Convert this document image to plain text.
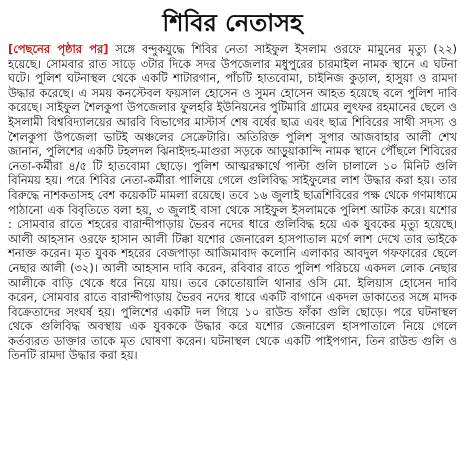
শিবির নেতাসহ

[পেছনের পৃষ্ঠার পর] সঙ্গে বন্দুকযুদ্ধে শিবির নেতা সাইফুল ইসলাম ওরফে মামুনের মৃত্যু (২২) হয়েছে। সোমবার রাত সাড়ে ৩টার দিকে সদর উপজেলার মধুপুরের চারমাইল নামক স্থানে এ ঘটনা ঘটে। পুলিশ ঘটনাস্থল থেকে একটি শাটারগান, পাঁচটি হাতবোমা, চাইনিজ কুড়াল, হাসুয়া ও রামদা উদ্ধার করেছে। এ সময় কনস্টেবল ফয়সাল হোসেন ও সুমন হোসেন আহত হয়েছে বলে পুলিশ দাবি করেছে। সাইফুল শৈলকুপা উপজেলার ফুলহরি ইউনিয়নের পুটিমারি গ্রামের লুৎফর রহমানের ছেলে ও ইসলামী বিশ্ববিদ্যালয়ের আরবি বিভাগের মাস্টার্স শেষ বর্ষের ছাত্র এবং ছাত্র শিবিরের সাথী সদস্য ও শৈলকুপা উপজেলা ভাটই অঞ্চলের সেক্রেটারি। অতিরিক্ত পুলিশ সুপার আজবাহার আলী শেখ জানান, পুলিশের একটি টহলদল ঝিনাইদহ-মাগুরা সড়কে আড়ুয়াকান্দি নামক স্থানে পৌঁছলে শিবিরের নেতা-কর্মীরা ৪/৫ টি হাতবোমা ছোড়ে। পুলিশ আত্মরক্ষার্থে পাল্টা গুলি চালালে ১০ মিনিট গুলি বিনিময় হয়। পরে শিবির নেতা-কর্মীরা পালিয়ে গেলে গুলিবিদ্ধ সাইফুলের লাশ উদ্ধার করা হয়। তার বিরুদ্ধে নাশকতাসহ বেশ কয়েকটি মামলা রয়েছে। তবে ১৬ জুলাই ছাত্রশিবিরের পক্ষ থেকে গণমাধ্যমে পাঠানো এক বিবৃতিতে বলা হয়, ৩ জুলাই বাসা থেকে সাইফুল ইসলামকে পুলিশ আটক করে। যশোর : সোমবার রাতে শহরের বারান্দীপাড়ায় ভৈরব নদের ধারে গুলিবিদ্ধ হয়ে এক যুবকের মৃত্যু হয়েছে। আলী আহসান ওরফে হাসান আলী টিক্কা যশোর জেনারেল হাসপাতাল মর্গে লাশ দেখে তার ভাইকে শনাক্ত করেন। মৃত যুবক শহরের বেজপাড়া আজিমাবাদ কলোনি এলাকার আবদুল গফফারের ছেলে নেছার আলী (৩২)। আলী আহসান দাবি করেন, রবিবার রাতে পুলিশ পরিচয়ে একদল লোক নেছার আলীকে বাড়ি থেকে ধরে নিয়ে যায়। তবে কোতোয়ালি থানার ওসি মো. ইলিয়াস হোসেন দাবি করেন, সোমবার রাতে বারান্দীপাড়ায় ভৈরব নদের ধারে একটি বাগানে একদল ডাকাতের সঙ্গে মাদক বিক্রেতাদের সংঘর্ষ হয়। পুলিশের একটি দল গিয়ে ১০ রাউন্ড ফাঁকা গুলি ছোড়ে। পরে ঘটনাস্থল থেকে গুলিবিদ্ধ অবস্থায় এক যুবককে উদ্ধার করে যশোর জেনারেল হাসপাতালে নিয়ে গেলে কর্তব্যরত ডাক্তার তাকে মৃত ঘোষণা করেন। ঘটনাস্থল থেকে একটি পাইপগান, তিন রাউন্ড গুলি ও তিনটি রামদা উদ্ধার করা হয়।
